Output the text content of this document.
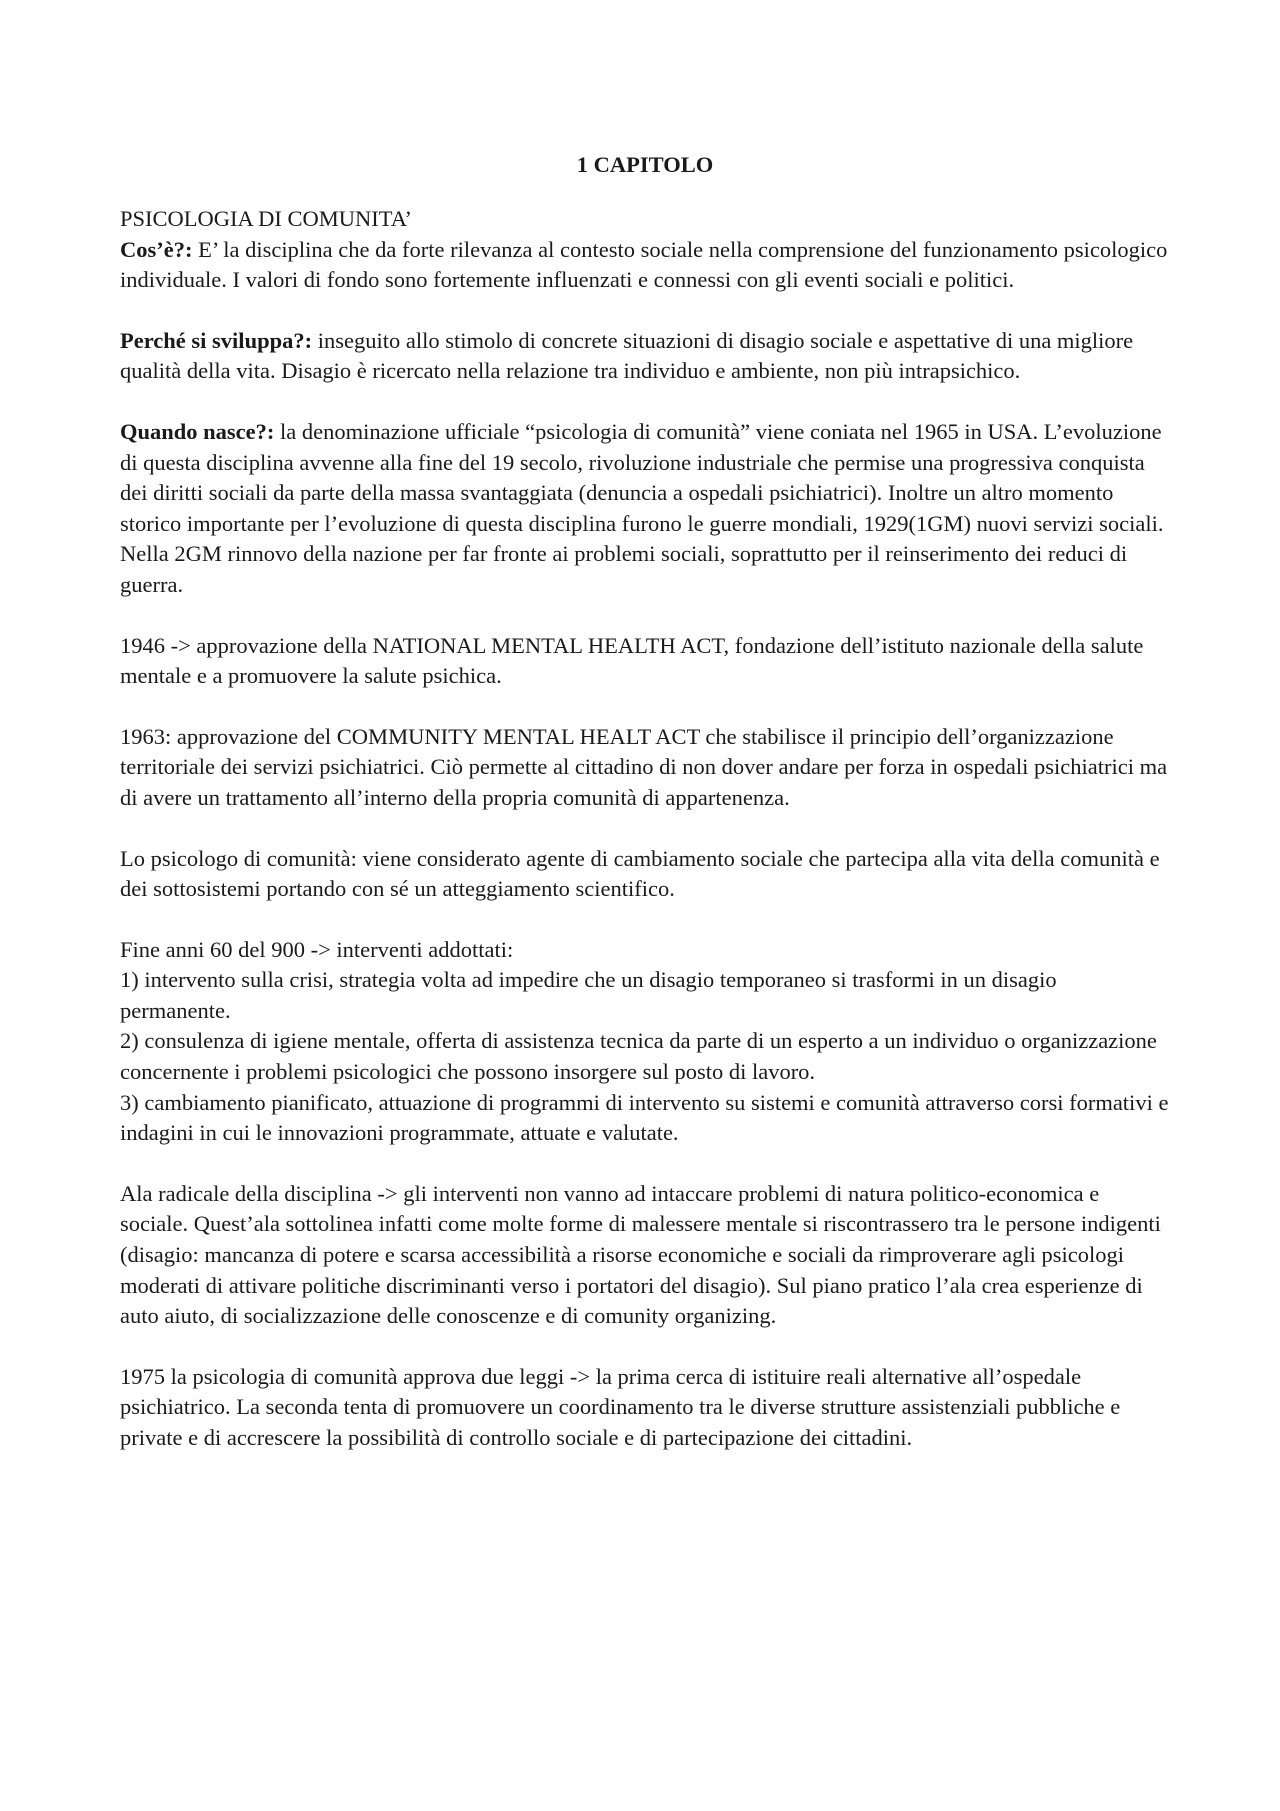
1 CAPITOLO

PSICOLOGIA DI COMUNITA’
Cos’è?: E’ la disciplina che da forte rilevanza al contesto sociale nella comprensione del funzionamento psicologico individuale. I valori di fondo sono fortemente influenzati e connessi con gli eventi sociali e politici.

Perché si sviluppa?: inseguito allo stimolo di concrete situazioni di disagio sociale e aspettative di una migliore qualità della vita. Disagio è ricercato nella relazione tra individuo e ambiente, non più intrapsichico.

Quando nasce?: la denominazione ufficiale “psicologia di comunità” viene coniata nel 1965 in USA. L’evoluzione di questa disciplina avvenne alla fine del 19 secolo, rivoluzione industriale che permise una progressiva conquista dei diritti sociali da parte della massa svantaggiata (denuncia a ospedali psichiatrici). Inoltre un altro momento storico importante per l’evoluzione di questa disciplina furono le guerre mondiali, 1929(1GM) nuovi servizi sociali. Nella 2GM rinnovo della nazione per far fronte ai problemi sociali, soprattutto per il reinserimento dei reduci di guerra.

1946 -> approvazione della NATIONAL MENTAL HEALTH ACT, fondazione dell’istituto nazionale della salute mentale e a promuovere la salute psichica.

1963: approvazione del COMMUNITY MENTAL HEALT ACT che stabilisce il principio dell’organizzazione territoriale dei servizi psichiatrici. Ciò permette al cittadino di non dover andare per forza in ospedali psichiatrici ma di avere un trattamento all’interno della propria comunità di appartenenza.

Lo psicologo di comunità: viene considerato agente di cambiamento sociale che partecipa alla vita della comunità e dei sottosistemi portando con sé un atteggiamento scientifico.

Fine anni 60 del 900 -> interventi addottati:

1) intervento sulla crisi, strategia volta ad impedire che un disagio temporaneo si trasformi in un disagio permanente.

2) consulenza di igiene mentale, offerta di assistenza tecnica da parte di un esperto a un individuo o organizzazione concernente i problemi psicologici che possono insorgere sul posto di lavoro.

3) cambiamento pianificato, attuazione di programmi di intervento su sistemi e comunità attraverso corsi formativi e indagini in cui le innovazioni programmate, attuate e valutate.

Ala radicale della disciplina -> gli interventi non vanno ad intaccare problemi di natura politico-economica e sociale. Quest’ala sottolinea infatti come molte forme di malessere mentale si riscontrassero tra le persone indigenti (disagio: mancanza di potere e scarsa accessibilità a risorse economiche e sociali da rimproverare agli psicologi moderati di attivare politiche discriminanti verso i portatori del disagio). Sul piano pratico l’ala crea esperienze di auto aiuto, di socializzazione delle conoscenze e di comunity organizing.

1975 la psicologia di comunità approva due leggi -> la prima cerca di istituire reali alternative all’ospedale psichiatrico. La seconda tenta di promuovere un coordinamento tra le diverse strutture assistenziali pubbliche e private e di accrescere la possibilità di controllo sociale e di partecipazione dei cittadini.
